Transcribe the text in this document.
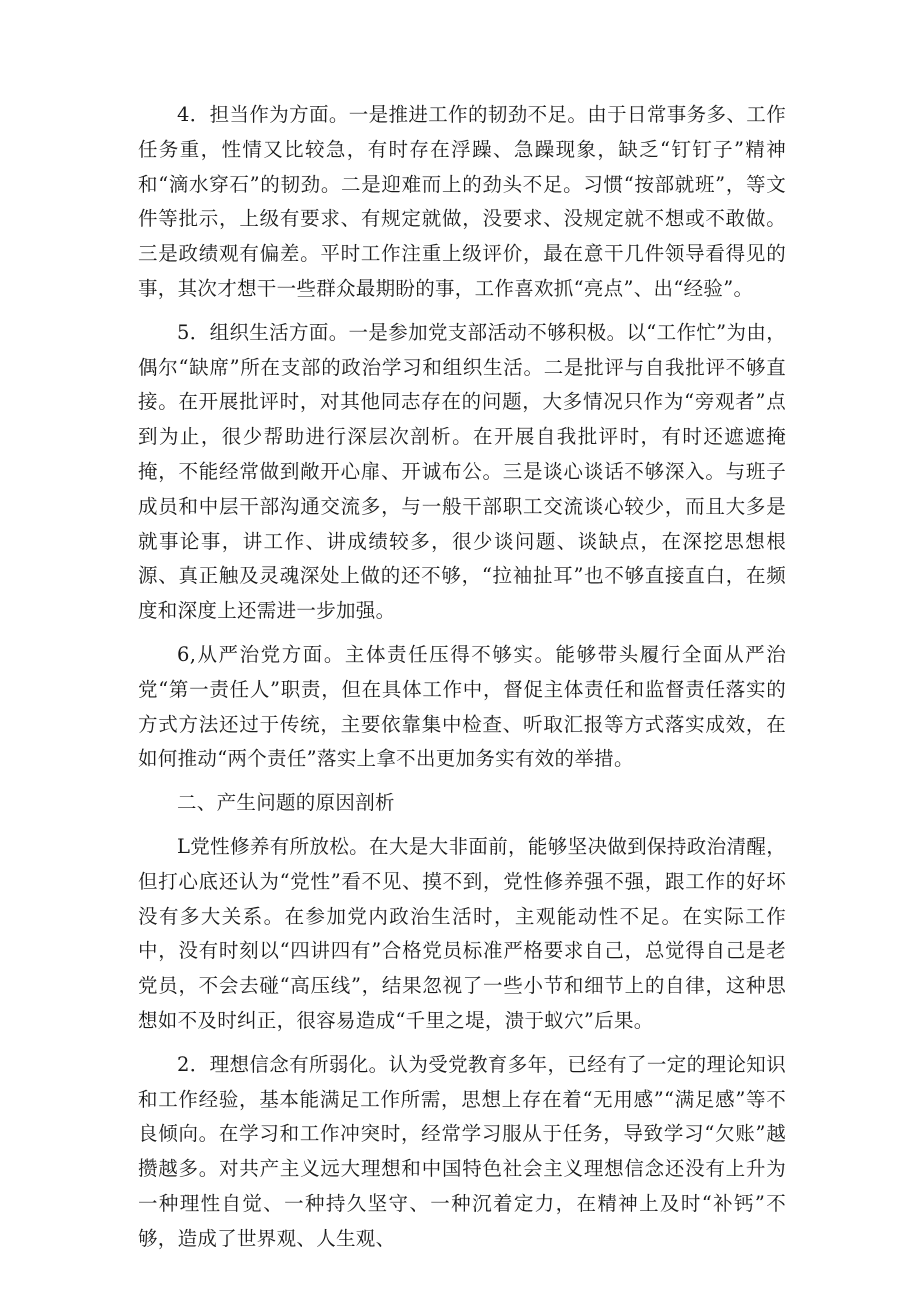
4．担当作为方面。一是推进工作的韧劲不足。由于日常事务多、工作任务重，性情又比较急，有时存在浮躁、急躁现象，缺乏“钉钉子”精神和“滴水穿石”的韧劲。二是迎难而上的劲头不足。习惯“按部就班”，等文件等批示，上级有要求、有规定就做，没要求、没规定就不想或不敢做。三是政绩观有偏差。平时工作注重上级评价，最在意干几件领导看得见的事，其次才想干一些群众最期盼的事，工作喜欢抓“亮点”、出“经验”。

5．组织生活方面。一是参加党支部活动不够积极。以“工作忙”为由，偶尔“缺席”所在支部的政治学习和组织生活。二是批评与自我批评不够直接。在开展批评时，对其他同志存在的问题，大多情况只作为“旁观者”点到为止，很少帮助进行深层次剖析。在开展自我批评时，有时还遮遮掩掩，不能经常做到敞开心扉、开诚布公。三是谈心谈话不够深入。与班子成员和中层干部沟通交流多，与一般干部职工交流谈心较少，而且大多是就事论事，讲工作、讲成绩较多，很少谈问题、谈缺点，在深挖思想根源、真正触及灵魂深处上做的还不够，“拉袖扯耳”也不够直接直白，在频度和深度上还需进一步加强。

6,从严治党方面。主体责任压得不够实。能够带头履行全面从严治党“第一责任人”职责，但在具体工作中，督促主体责任和监督责任落实的方式方法还过于传统，主要依靠集中检查、听取汇报等方式落实成效，在如何推动“两个责任”落实上拿不出更加务实有效的举措。

二、产生问题的原因剖析

L党性修养有所放松。在大是大非面前，能够坚决做到保持政治清醒，但打心底还认为“党性”看不见、摸不到，党性修养强不强，跟工作的好坏没有多大关系。在参加党内政治生活时，主观能动性不足。在实际工作中，没有时刻以“四讲四有”合格党员标准严格要求自己，总觉得自己是老党员，不会去碰“高压线”，结果忽视了一些小节和细节上的自律，这种思想如不及时纠正，很容易造成“千里之堤，溃于蚁穴”后果。

2．理想信念有所弱化。认为受党教育多年，已经有了一定的理论知识和工作经验，基本能满足工作所需，思想上存在着“无用感”“满足感”等不良倾向。在学习和工作冲突时，经常学习服从于任务，导致学习“欠账”越攒越多。对共产主义远大理想和中国特色社会主义理想信念还没有上升为一种理性自觉、一种持久坚守、一种沉着定力，在精神上及时“补钙”不够，造成了世界观、人生观、
